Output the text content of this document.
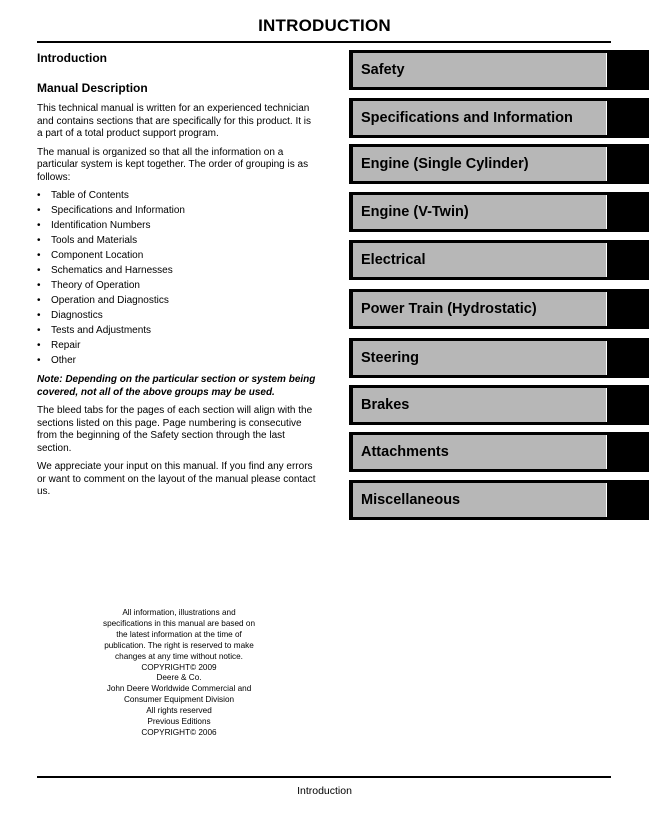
INTRODUCTION
Introduction
Manual Description

This technical manual is written for an experienced technician and contains sections that are specifically for this product. It is a part of a total product support program.

The manual is organized so that all the information on a particular system is kept together. The order of grouping is as follows:

• Table of Contents
• Specifications and Information
• Identification Numbers
• Tools and Materials
• Component Location
• Schematics and Harnesses
• Theory of Operation
• Operation and Diagnostics
• Diagnostics
• Tests and Adjustments
• Repair
• Other

Note: Depending on the particular section or system being covered, not all of the above groups may be used.

The bleed tabs for the pages of each section will align with the sections listed on this page. Page numbering is consecutive from the beginning of the Safety section through the last section.

We appreciate your input on this manual. If you find any errors or want to comment on the layout of the manual please contact us.

All information, illustrations and specifications in this manual are based on the latest information at the time of publication. The right is reserved to make changes at any time without notice.
COPYRIGHT© 2009
Deere & Co.
John Deere Worldwide Commercial and Consumer Equipment Division
All rights reserved
Previous Editions
COPYRIGHT© 2006
Safety
Specifications and Information
Engine (Single Cylinder)
Engine (V-Twin)
Electrical
Power Train (Hydrostatic)
Steering
Brakes
Attachments
Miscellaneous
Introduction
